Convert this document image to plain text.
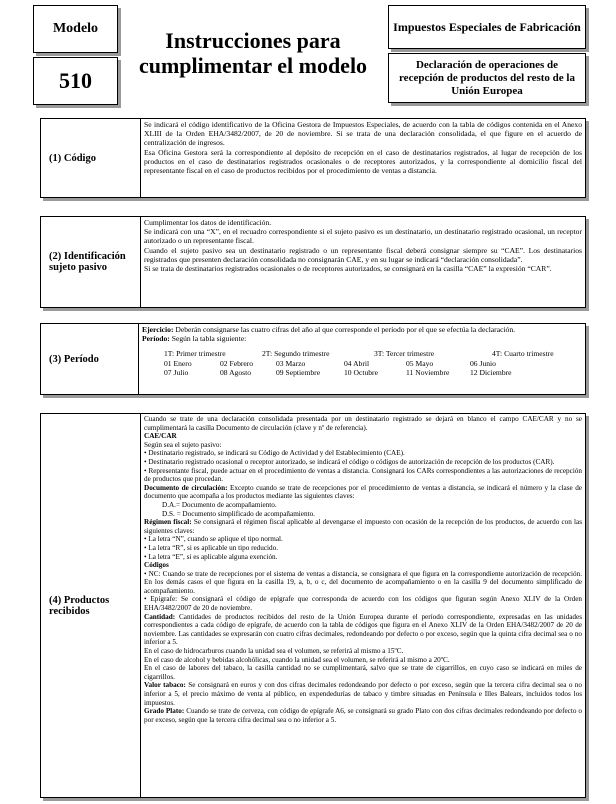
Modelo
510
Instrucciones para cumplimentar el modelo
Impuestos Especiales de Fabricación
Declaración de operaciones de recepción de productos del resto de la Unión Europea
(1) Código

Se indicará el código identificativo de la Oficina Gestora de Impuestos Especiales, de acuerdo con la tabla de códigos contenida en el Anexo XLIII de la Orden EHA/3482/2007, de 20 de noviembre. Si se trata de una declaración consolidada, el que figure en el acuerdo de centralización de ingresos.

Esa Oficina Gestora será la correspondiente al depósito de recepción en el caso de destinatarios registrados, al lugar de recepción de los productos en el caso de destinatarios registrados ocasionales o de receptores autorizados, y la correspondiente al domicilio fiscal del representante fiscal en el caso de productos recibidos por el procedimiento de ventas a distancia.

(2) Identificación sujeto pasivo

Cumplimentar los datos de identificación.

Se indicará con una “X”, en el recuadro correspondiente si el sujeto pasivo es un destinatario, un destinatario registrado ocasional, un receptor autorizado o un representante fiscal.

Cuando el sujeto pasivo sea un destinatario registrado o un representante fiscal deberá consignar siempre su “CAE”. Los destinatarios registrados que presenten declaración consolidada no consignarán CAE, y en su lugar se indicará “declaración consolidada”.

Si se trata de destinatarios registrados ocasionales o de receptores autorizados, se consignará en la casilla “CAE” la expresión “CAR”.

(3) Período

Ejercicio: Deberán consignarse las cuatro cifras del año al que corresponde el período por el que se efectúa la declaración.

Período: Según la tabla siguiente:

1T: Primer trimestre	2T: Segundo trimestre	3T: Tercer trimestre	4T: Cuarto trimestre
01 Enero	02 Febrero	03 Marzo	04 Abril	05 Mayo	06 Junio
07 Julio	08 Agosto	09 Septiembre	10 Octubre	11 Noviembre	12 Diciembre
(4) Productos recibidos

Cuando se trate de una declaración consolidada presentada por un destinatario registrado se dejará en blanco el campo CAE/CAR y no se cumplimentará la casilla Documento de circulación (clave y nº de referencia).

CAE/CAR

Según sea el sujeto pasivo:

• Destinatario registrado, se indicará su Código de Actividad y del Establecimiento (CAE).

• Destinatario registrado ocasional o receptor autorizado, se indicará el código o códigos de autorización de recepción de los productos (CAR).

• Representante fiscal, puede actuar en el procedimiento de ventas a distancia. Consignará los CARs correspondientes a las autorizaciones de recepción de productos que procedan.

Documento de circulación: Excepto cuando se trate de recepciones por el procedimiento de ventas a distancia, se indicará el número y la clase de documento que acompaña a los productos mediante las siguientes claves:

D.A.= Documento de acompañamiento.

D.S. = Documento simplificado de acompañamiento.

Régimen fiscal: Se consignará el régimen fiscal aplicable al devengarse el impuesto con ocasión de la recepción de los productos, de acuerdo con las siguientes claves:

• La letra “N”, cuando se aplique el tipo normal.

• La letra “R”, si es aplicable un tipo reducido.

• La letra “E”, si es aplicable alguna exención.

Códigos

• NC: Cuando se trate de recepciones por el sistema de ventas a distancia, se consignara el que figura en la correspondiente autorización de recepción. En los demás casos el que figura en la casilla 19, a, b, o c, del documento de acompañamiento o en la casilla 9 del documento simplificado de acompañamiento.

• Epígrafe: Se consignará el código de epígrafe que corresponda de acuerdo con los códigos que figuran según Anexo XLIV de la Orden EHA/3482/2007 de 20 de noviembre.

Cantidad: Cantidades de productos recibidos del resto de la Unión Europea durante el período correspondiente, expresadas en las unidades correspondientes a cada código de epígrafe, de acuerdo con la tabla de códigos que figura en el Anexo XLIV de la Orden EHA/3482/2007 de 20 de noviembre. Las cantidades se expresarán con cuatro cifras decimales, redondeando por defecto o por exceso, según que la quinta cifra decimal sea o no inferior a 5.

En el caso de hidrocarburos cuando la unidad sea el volumen, se referirá al mismo a 15ºC.

En el caso de alcohol y bebidas alcohólicas, cuando la unidad sea el volumen, se referirá al mismo a 20ºC.

En el caso de labores del tabaco, la casilla cantidad no se cumplimentará, salvo que se trate de cigarrillos, en cuyo caso se indicará en miles de cigarrillos.

Valor tabaco: Se consignará en euros y con dos cifras decimales redondeando por defecto o por exceso, según que la tercera cifra decimal sea o no inferior a 5, el precio máximo de venta al público, en expendedurías de tabaco y timbre situadas en Península e Illes Balears, incluidos todos los impuestos.

Grado Plato: Cuando se trate de cerveza, con código de epígrafe A6, se consignará su grado Plato con dos cifras decimales redondeando por defecto o por exceso, según que la tercera cifra decimal sea o no inferior a 5.
